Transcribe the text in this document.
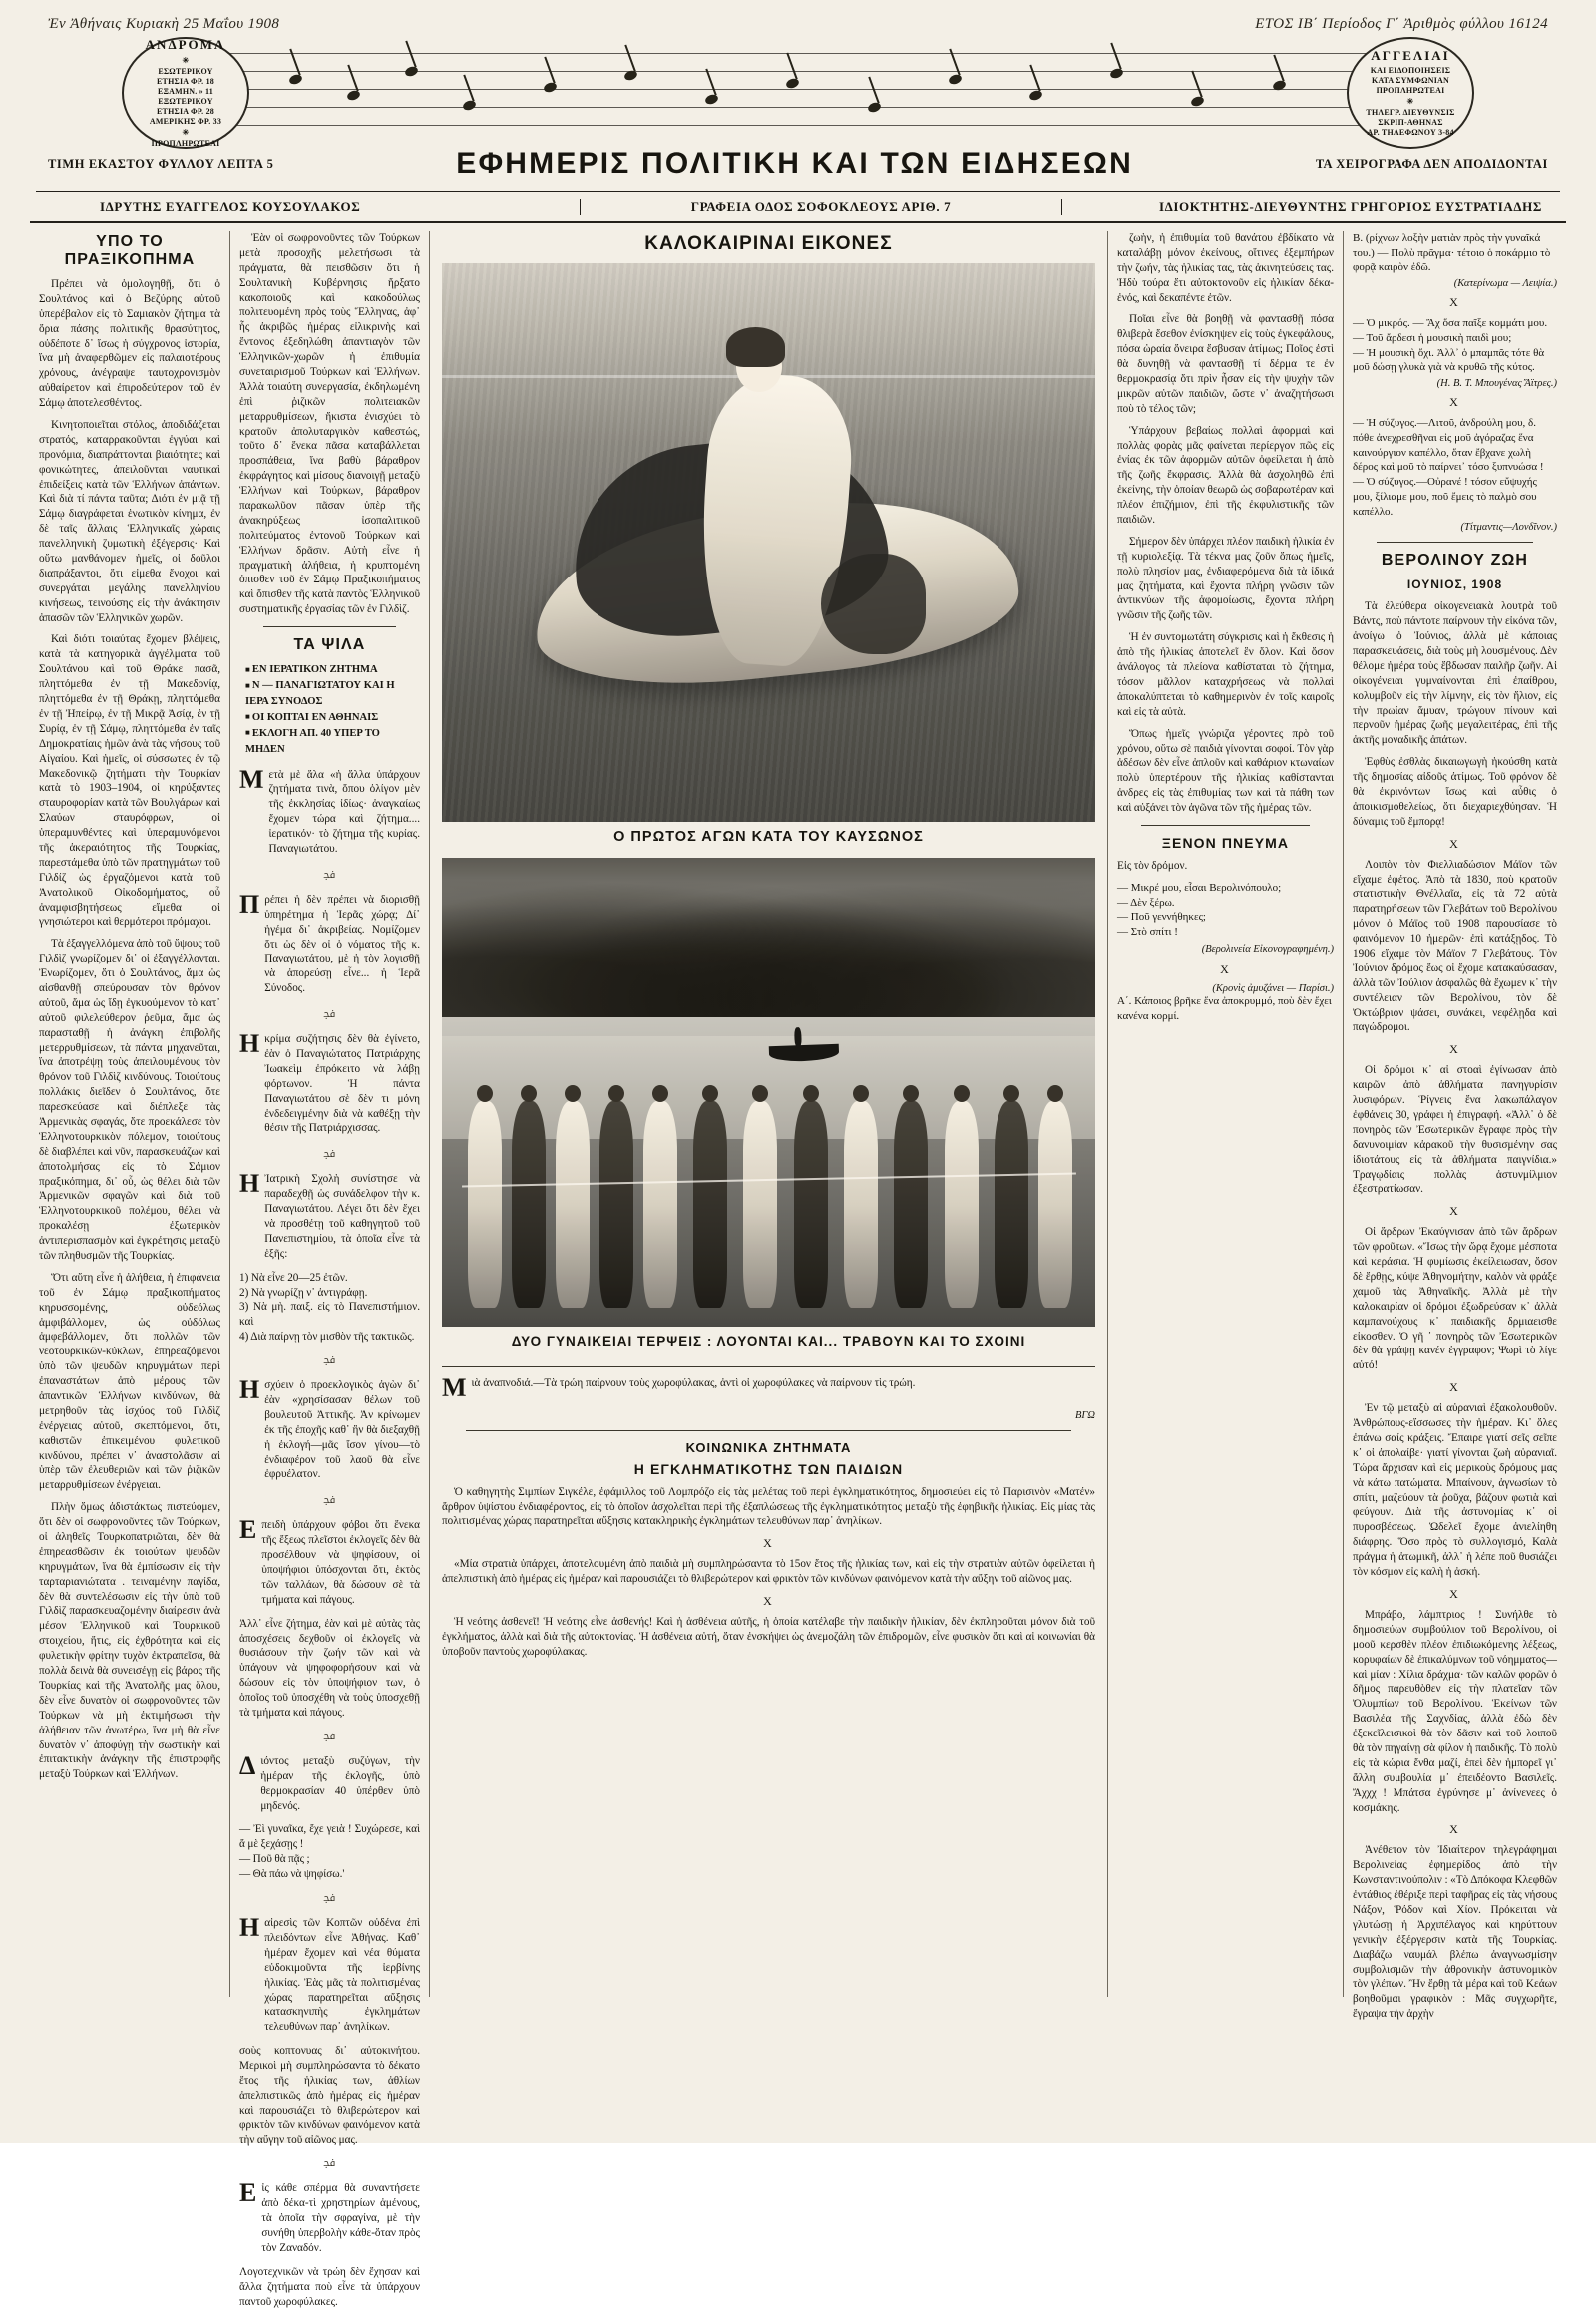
Ἐν Ἀθήναις Κυριακὴ 25 Μαΐου 1908	ΕΤΟΣ ΙΒ΄ Περίοδος Γ΄ Ἀριθμὸς φύλλου 16124
ΑΝΔΡΟΜΑ
✳
ΕΣΩΤΕΡΙΚΟΥ
ΕΤΗΣΙΑ ΦΡ. 18
ΕΞΑΜΗΝ. » 11
ΕΞΩΤΕΡΙΚΟΥ
ΕΤΗΣΙΑ ΦΡ. 28
ΑΜΕΡΙΚΗΣ ΦΡ. 33
✳
ΠΡΟΠΛΗΡΩΤΕΑΙ
ΑΓΓΕΛΙΑΙ
ΚΑΙ ΕΙΔΟΠΟΙΗΣΕΙΣ
ΚΑΤΑ ΣΥΜΦΩΝΙΑΝ
ΠΡΟΠΛΗΡΩΤΕΑΙ
✳
ΤΗΛΕΓΡ. ΔΙΕΥΘΥΝΣΙΣ
ΣΚΡΙΠ-ΑΘΗΝΑΣ
ΑΡ. ΤΗΛΕΦΩΝΟΥ 3-84
ΤΙΜΗ ΕΚΑΣΤΟΥ ΦΥΛΛΟΥ ΛΕΠΤΑ 5	ΕΦΗΜΕΡΙΣ ΠΟΛΙΤΙΚΗ ΚΑΙ ΤΩΝ ΕΙΔΗΣΕΩΝ	ΤΑ ΧΕΙΡΟΓΡΑΦΑ ΔΕΝ ΑΠΟΔΙΔΟΝΤΑΙ
ΙΔΡΥΤΗΣ ΕΥΑΓΓΕΛΟΣ ΚΟΥΣΟΥΛΑΚΟΣ	ΓΡΑΦΕΙΑ ΟΔΟΣ ΣΟΦΟΚΛΕΟΥΣ ΑΡΙΘ. 7	ΙΔΙΟΚΤΗΤΗΣ-ΔΙΕΥΘΥΝΤΗΣ ΓΡΗΓΟΡΙΟΣ ΕΥΣΤΡΑΤΙΑΔΗΣ
ΥΠΟ ΤΟ ΠΡΑΞΙΚΟΠΗΜΑ

Πρέπει νὰ ὁμολογηθῇ, ὅτι ὁ Σουλτάνος καὶ ὁ Βεζύρης αὐτοῦ ὑπερέβαλον εἰς τὸ Σαμιακὸν ζήτημα τὰ ὅρια πάσης πολιτικῆς θρασύτητος, οὐδέποτε δ᾿ ἴσως ἡ σύγχρονος ἱστορία, ἵνα μὴ ἀναφερθῶμεν εἰς παλαιοτέρους χρόνους, ἀνέγραψε ταυτοχρονισμὸν αὐθαίρετον καὶ ἐπιροδεύτερον τοῦ ἐν Σάμῳ ἀποτελεσθέντος.

Κινητοποιεῖται στόλος, ἀποδιδάζεται στρατός, καταρρακοῦνται ἐγγύαι καὶ προνόμια, διαπράττονται βιαιότητες καὶ φονικώτητες, ἀπειλοῦνται ναυτικαὶ ἐπιδείξεις κατὰ τῶν Ἑλλήνων ἀπάντων. Καὶ διὰ τί πάντα ταῦτα; Διότι ἐν μιᾷ τῇ Σάμῳ διαγράφεται ἑνωτικὸν κίνημα, ἐν δὲ ταῖς ἄλλαις Ἑλληνικαῖς χώραις πανελληνικὴ ζυμωτικὴ ἐξέγερσις· Καὶ οὕτω μανθάνομεν ἡμεῖς, οἱ δοῦλοι διαπράξαντοι, ὅτι εἰμεθα ἔνοχοι καὶ συνεργάται μεγάλης πανελληνίου κινήσεως, τεινούσης εἰς τὴν ἀνάκτησιν ἁπασῶν τῶν Ἑλληνικῶν χωρῶν.

Καὶ διότι τοιαύτας ἔχομεν βλέψεις, κατὰ τὰ κατηγορικὰ ἀγγέλματα τοῦ Σουλτάνου καὶ τοῦ Θράκε πασᾶ, πληττόμεθα ἐν τῇ Μακεδονίᾳ, πληττόμεθα ἐν τῇ Θράκῃ, πληττόμεθα ἐν τῇ Ἠπείρῳ, ἐν τῇ Μικρᾷ Ἀσίᾳ, ἐν τῇ Συρίᾳ, ἐν τῇ Σάμῳ, πληττόμεθα ἐν ταῖς Δημοκρατίαις ἡμῶν ἀνὰ τὰς νήσους τοῦ Αἰγαίου. Καὶ ἡμεῖς, οἱ σύσσωτες ἐν τῷ Μακεδονικῷ ζητήματι τὴν Τουρκίαν κατὰ τὸ 1903–1904, οἱ κηρύξαντες σταυροφορίαν κατὰ τῶν Βουλγάρων καὶ Σλαύων σταυρόφρων, οἱ ὑπεραμυνθέντες καὶ ὑπεραμυνόμενοι τῆς ἀκεραιότητος τῆς Τουρκίας, παρεστάμεθα ὑπὸ τῶν πρατηγμάτων τοῦ Γιλδίζ ὡς ἐργαζόμενοι κατὰ τοῦ Ἀνατολικοῦ Οἰκοδομήματος, οὗ ἀναμφισβητήσεως εἴμεθα οἱ γνησιώτεροι καὶ θερμότεροι πρόμαχοι.

Τὰ ἐξαγγελλόμενα ἀπὸ τοῦ ὕψους τοῦ Γιλδὶζ γνωρίζομεν δι᾿ οἱ ἐξαγγέλλονται. Ἐνωρίζομεν, ὅτι ὁ Σουλτάνος, ἅμα ὡς αἰσθανθῇ σπεύρουσαν τὸν θρόνον αὐτοῦ, ἅμα ὡς ἴδῃ ἐγκυούμενον τὸ κατ᾿ αὐτοῦ φιλελεύθερον ῥεῦμα, ἅμα ὡς παρασταθῇ ἡ ἀνάγκη ἐπιβολῆς μετερρυθμίσεων, τὰ πάντα μηχανεῦται, ἵνα ἀποτρέψῃ τοὺς ἀπειλουμένους τὸν θρόνον τοῦ Γιλδὶζ κινδύνους. Τοιούτους πολλάκις διεῖδεν ὁ Σουλτάνος, ὅτε παρεσκεύασε καὶ διέπλεξε τὰς Ἀρμενικὰς σφαγάς, ὅτε προεκάλεσε τὸν Ἑλληνοτουρκικὸν πόλεμον, τοιούτους δὲ διαβλέπει καὶ νῦν, παρασκευάζων καὶ ἀποτολμήσας εἰς τὸ Σάμιον πραξικόπημα, δι᾿ οὗ, ὡς θέλει διὰ τῶν Ἀρμενικῶν σφαγῶν καὶ διὰ τοῦ Ἑλληνοτουρκικοῦ πολέμου, θέλει νὰ προκαλέσῃ ἐξωτερικὸν ἀντιπερισπασμὸν καὶ ἐγκρέτησις μεταξὺ τῶν πληθυσμῶν τῆς Τουρκίας.

Ὅτι αὕτη εἶνε ἡ ἀλήθεια, ἡ ἐπιφάνεια τοῦ ἐν Σάμῳ πραξικοπήματος κηρυσσομένης, οὐδεόλως ἀμφιβάλλομεν, ὡς οὐδόλως ἀμφεβάλλομεν, ὅτι πολλῶν τῶν νεοτουρκικῶν-κύκλων, ἑπηρεαζόμενοι ὑπὸ τῶν ψευδῶν κηρυγμάτων περὶ ἐπαναστάτων ἀπὸ μέρους τῶν ἀπαντικῶν Ἑλλήνων κινδύνων, θὰ μετρηθοῦν τὰς ἰσχύος τοῦ Γιλδὶζ ἐνέργειας αὐτοῦ, σκεπτόμενοι, ὅτι, καθιστῶν ἐπικειμένου φυλετικοῦ κινδύνου, πρέπει ν᾿ ἀναστολᾶσιν αἱ ὑπὲρ τῶν ἐλευθεριῶν καὶ τῶν ῥιζικῶν μεταρρυθμίσεων ἐνέργειαι.

Πλὴν ὅμως ἀδιστάκτως πιστεύομεν, ὅτι δὲν οἱ σωφρονοῦντες τῶν Τούρκων, οἱ ἀληθεῖς Τουρκοπατριῶται, δὲν θὰ ἐπηρεασθῶσιν ἐκ τοιούτων ψευδῶν κηρυγμάτων, ἵνα θὰ ἐμπίσωσιν εἰς τὴν ταρταριανιώτατα . τειναμένην παγίδα, δὲν θὰ συντελέσωσιν εἰς τὴν ὑπὸ τοῦ Γιλδὶζ παρασκευαζομένην διαίρεσιν ἀνὰ μέσον Ἑλληνικοῦ καὶ Τουρκικοῦ στοιχείου, ἥτις, εἰς ἐχθρότητα καὶ εἰς φυλετικὴν φρίτην τυχὸν ἐκτραπεῖσα, θὰ πολλὰ δεινὰ θὰ συνεισέγῃ εἰς βάρος τῆς Τουρκίας καὶ τῆς Ἀνατολῆς μας ὅλου, δὲν εἶνε δυνατὸν οἱ σωφρονοῦντες τῶν Τούρκων νὰ μὴ ἐκτιμήσωσι τὴν ἀλήθειαν τῶν ἀνωτέρω, ἵνα μὴ θὰ εἶνε δυνατὸν ν᾿ ἀποφύγῃ τὴν σωστικὴν καὶ ἐπιτακτικὴν ἀνάγκην τῆς ἐπιστροφῆς μεταξὺ Τούρκων καὶ Ἑλλήνων.

Ἐὰν οἱ σωφρονοῦντες τῶν Τούρκων μετὰ προσοχῆς μελετήσωσι τὰ πράγματα, θὰ πεισθῶσιν ὅτι ἡ Σουλτανικὴ Κυβέρνησις ἤρξατο κακοποιοῦς καὶ κακοδούλως πολιτευομένη πρὸς τοὺς Ἕλληνας, ἀφ᾿ ἧς ἀκριβῶς ἡμέρας εἰλικρινὴς καὶ ἔντονος ἐξεδηλώθη ἀπαντιαγὸν τῶν Ἑλληνικῶν-χωρῶν ἡ ἐπιθυμία συνεταιρισμοῦ Τούρκων καὶ Ἑλλήνων. Ἀλλὰ τοιαύτη συνεργασία, ἐκδηλωμένη ἐπὶ ῥιζικῶν πολιτειακῶν μεταρρυθμίσεων, ἤκιστα ἐνισχύει τὸ κρατοῦν ἀπολυταργικὸν καθεστώς, τοῦτο δ᾿ ἕνεκα πᾶσα καταβάλλεται προσπάθεια, ἵνα βαθὺ βάραθρον ἐκφράγητος καὶ μίσους διανοιγῇ μεταξὺ Ἑλλήνων καὶ Τούρκων, βάραθρον παρακωλῦον πᾶσαν ὑπὲρ τῆς ἀνακηρύξεως ἰσοπαλιτικοῦ πολιτεύματος ἐντονοῦ Τούρκων καὶ Ἑλλήνων δρᾶσιν. Αὐτὴ εἶνε ἡ πραγματικὴ ἀλήθεια, ἡ κρυπτομένη ὀπισθεν τοῦ ἐν Σάμῳ Πραξικοπήματος καὶ ὄπισθεν τῆς κατὰ παντὸς Ἑλληνικοῦ συστηματικῆς ἐργασίας τῶν ἐν Γιλδὶζ.

ΤΑ ΨΙΛΑ
■ ΕΝ ΙΕΡΑΤΙΚΟΝ ΖΗΤΗΜΑ
■ Ν — ΠΑΝΑΓΙΩΤΑΤΟΥ ΚΑΙ Η ΙΕΡΑ ΣΥΝΟΔΟΣ
■ ΟΙ ΚΟΠΤΑΙ ΕΝ ΑΘΗΝΑΙΣ
■ ΕΚΛΟΓΗ ΑΠ. 40 ΥΠΕΡ ΤΟ ΜΗΔΕΝ
Μ ετὰ μὲ ἄλα «ἡ ἄλλα ὑπάρχουν ζητήματα τινὰ, ὅπου ὀλίγον μὲν τῆς ἐκκλησίας ἰδίως· ἀναγκαίως ἔχομεν τώρα καὶ ζήτημα.... ἱερατικόν· τὸ ζήτημα τῆς κυρίας. Παναγιωτάτου.
ﲾ
Π ρέπει ἡ δὲν πρέπει νὰ διορισθῇ ὑπηρέτημα ἡ Ἱερᾶς χώρᾳ; Δί᾿ ἡγέμα δι᾿ ἀκριβείας. Νομίζομεν ὅτι ὡς δὲν οἱ ὁ νόματος τῆς κ. Παναγιωτάτου, μὲ ἡ τὸν λογισθῇ νὰ ἀπορεύσῃ εἶνε... ἡ Ἱερᾶ Σύνοδος.
ﲾ
Η κρίμα συζήτησις δὲν θὰ ἐγίνετο, ἐὰν ὁ Παναγιώτατος Πατριάρχης Ἰωακεὶμ ἐπρόκειτο νὰ λάβῃ φόρτωνον. Ἡ πάντα Παναγιωτάτου σὲ δὲν τι μόνη ἐνδεδειγμένην διὰ νὰ καθέξῃ τὴν θέσιν τῆς Πατριάρχισσας.
ﲾ
Η Ἰατρικὴ Σχολὴ συνίστησε νὰ παραδεχθῇ ὡς συνάδελφον τὴν κ. Παναγιωτάτου. Λέγει ὅτι δὲν ἔχει νὰ προσθέτῃ τοῦ καθηγητοῦ τοῦ Πανεπιστημίου, τὰ ὁποῖα εἶνε τὰ ἑξῆς:
1) Νὰ εἶνε 20—25 ἐτῶν.
2) Νὰ γνωρίζῃ ν᾿ ἀντιγράφῃ.
3) Νὰ μὴ. παιξ. εἰς τὸ Πανεπιστήμιον. καὶ
4) Διὰ παίρνῃ τὸν μισθὸν τῆς τακτικῶς.
ﲾ
Η σχύειν ὁ προεκλογικὸς ἀγὼν δι᾿ ἐὰν «χρησίσασαν θέλων τοῦ βουλευτοῦ Ἀττικῆς. Ἀν κρίνωμεν ἐκ τῆς ἐποχῆς καθ᾿ ἣν θὰ διεξαχθῇ ἡ ἐκλογή—μᾶς ἴσον γίνου—τὸ ἐνδιαφέρον τοῦ λαοῦ θὰ εἶνε ἐφρυέλατον.
ﲾ
Ε πειδὴ ὑπάρχουν φόβοι ὅτι ἕνεκα τῆς ἔξεως πλεῖστοι ἐκλογεῖς δὲν θὰ προσέλθουν νὰ ψηφίσουν, οἱ ὑποψήφιοι ὑπόσχονται ὅτι, ἑκτὸς τῶν ταλλάων, θὰ δώσουν σὲ τὰ τμήματα καὶ πάγους.
Ἀλλ᾿ εἶνε ζήτημα, ἐὰν καὶ μὲ αὐτὰς τὰς ἀποσχέσεις δεχθοῦν οἱ ἐκλογεῖς νὰ θυσιάσουν τὴν ζωήν τῶν καὶ νὰ ὑπάγουν νὰ ψηφοφορήσουν καὶ νὰ δώσουν εἰς τὸν ὑποψήφιον των, ὁ ὁποῖος τοῦ ὑποσχέθη νὰ τοὺς ὑποσχεθῇ τὰ τμήματα καὶ πάγους.
ﲾ
Δ ιόντος μεταξὺ συζύγων, τὴν ἡμέραν τῆς ἐκλογῆς, ὑπὸ θερμοκρασίαν 40 ὑπέρθεν ὑπὸ μηδενός.
— Ἐὶ γυναῖκα, ἔχε γειὰ ! Συχώρεσε, καὶ ἄ μὲ ξεχάσῃς !
— Ποῦ θὰ πᾷς ;
— Θὰ πάω νὰ ψηφίσω.'
ﲾ
Η αἱρεσὶς τῶν Κοπτῶν οὐδένα ἐπὶ πλειδόντων εἶνε Ἀθήνας. Καθ᾿ ἡμέραν ἔχομεν καὶ νέα θύματα εὐδοκιμοῦντα τῆς ἱερβίνης ἡλικίας. Ἐὰς μᾶς τὰ πολιτισμένας χώρας παρατηρεῖται αὔξησις κατασκηνιπὴς ἐγκλημάτων τελευθύνων παρ᾿ ἀνηλίκων.
σοὺς κοπτονυας δι᾿ αὐτοκινήτου. Μερικοὶ μὴ συμπληρώσαντα τὸ δέκατο ἔτος τῆς ἡλικίας των, ἀθλίων ἀπελπιστικῶς ἀπὸ ἡμέρας εἰς ἡμέραν καὶ παρουσιάζει τὸ θλιβερώτερον καὶ φρικτὸν τῶν κινδύνων φαινόμενον κατὰ τὴν αὔγην τοῦ αἰῶνος μας.
ﲾ
Ε ἰς κάθε σπέρμα θὰ συναντήσετε ἀπὸ δέκα-τὶ χρηστηρίων ἀμένους, τὰ ὁποῖα τὴν σφραγίνα, μὲ τὴν συνήθη ὑπερβολὴν κάθε-ὅταν πρὸς τὸν Ζαναδόν.
Λογοτεχνικῶν νὰ τρώη δὲν ἔχησαν καὶ ἄλλα ζητήματα ποὺ εἶνε τὰ ὑπάρχουν παντοῦ χωροφύλακες.
ΚΑΛΟΚΑΙΡΙΝΑΙ ΕΙΚΟΝΕΣ
Ο ΠΡΩΤΟΣ ΑΓΩΝ ΚΑΤΑ ΤΟΥ ΚΑΥΣΩΝΟΣ
ΔΥΟ ΓΥΝΑΙΚΕΙΑΙ ΤΕΡΨΕΙΣ : ΛΟΥΟΝΤΑΙ ΚΑΙ... ΤΡΑΒΟΥΝ ΚΑΙ ΤΟ ΣΧΟΙΝΙ
Μ ιὰ ἀναπνοδιά.—Τὰ τρώη παίρνουν τοὺς χωροφύλακας, ἀντὶ οἱ χωροφύλακες νὰ παίρνουν τὶς τρώη.
ΒΓΩ
ΚΟΙΝΩΝΙΚΑ ΖΗΤΗΜΑΤΑ
Η ΕΓΚΛΗΜΑΤΙΚΟΤΗΣ ΤΩΝ ΠΑΙΔΙΩΝ

Ὁ καθηγητὴς Σιμπίων Σιγκέλε, ἐφάμιλλος τοῦ Λομπρόζο εἰς τὰς μελέτας τοῦ περὶ ἐγκληματικότητος, δημοσιεύει εἰς τὸ Παρισινὸν «Ματέν» ἄρθρον ὑψίστου ἐνδιαφέροντος, εἰς τὸ ὁποῖον ἀσχολεῖται περὶ τῆς ἐξαπλώσεως τῆς ἐγκληματικότητος μεταξὺ τῆς ἐφηβικῆς ἡλικίας. Εἰς μίας τὰς πολιτισμένας χώρας παρατηρεῖται αὔξησις κατακληρικὴς ἐγκλημάτων τελευθύνων παρ᾿ ἀνηλίκων.

X

«Μία στρατιὰ ὑπάρχει, ἀποτελουμένη ἀπὸ παιδιὰ μὴ συμπληρώσαντα τὸ 15ον ἔτος τῆς ἡλικίας των, καὶ εἰς τὴν στρατιὰν αὐτῶν ὀφείλεται ἡ ἀπελπιστικὴ ἀπὸ ἡμέρας εἰς ἡμέραν καὶ παρουσιάζει τὸ θλιβερώτερον καὶ φρικτὸν τῶν κινδύνων φαινόμενον κατὰ τὴν αὔξην τοῦ αἰῶνος μας.

X

Ἡ νεότης ἀσθενεῖ! Ἡ νεότης εἶνε ἀσθενής! Καὶ ἡ ἀσθένεια αὐτῆς, ἡ ὁποία κατέλαβε τὴν παιδικὴν ἡλικίαν, δὲν ἐκπληροῦται μόνον διὰ τοῦ ἐγκλήματος, ἀλλὰ καὶ διὰ τῆς αὐτοκτονίας. Ἡ ἀσθένεια αὐτή, ὅταν ἐνσκήψει ὡς ἀνεμοζάλη τῶν ἐπιδρομῶν, εἶνε φυσικὸν ὅτι καὶ αἱ κοινωνίαι θὰ ὑποβοῦν παντοὺς χωροφύλακας.

ζωὴν, ἡ ἐπιθυμία τοῦ θανάτου ἐβδίκατο νὰ καταλάβῃ μόνον ἐκείνους, οἵτινες ἐξεμπήρων τὴν ζωήν, τὰς ἡλικίας τας, τὰς ἀκινητεύσεις τας. Ἡδὺ τούρα ἔτι αὐτοκτονοῦν εἰς ἡλικίαν δέκα-ἐνός, καὶ δεκαπέντε ἐτῶν.

Ποῖαι εἶνε θὰ βοηθῇ νὰ φαντασθῇ πόσα θλιβερὰ ἔσεθον ἐνίσκηψεν εἰς τοὺς ἐγκεφάλους, πόσα ὡραία ὄνειρα ἔσβυσαν ἀτίμως; Ποῖος ἐστὶ θὰ δυνηθῇ νὰ φαντασθῇ τί δέρμα τε ἐν θερμοκρασίᾳ ὅτι πρὶν ἦσαν εἰς τὴν ψυχὴν τῶν μικρῶν αὐτῶν παιδιῶν, ὥστε ν᾿ ἀναζητήσωσι ποὺ τὸ τέλος τῶν;

Ὑπάρχουν βεβαίως πολλαὶ ἀφορμαὶ καὶ πολλὰς φορὰς μᾶς φαίνεται περίεργον πῶς εἰς ἐνίας ἐκ τῶν ἀφορμῶν αὐτῶν ὀφείλεται ἡ ἀπὸ τῆς ζωῆς ἔκφρασις. Ἀλλὰ θὰ ἀσχοληθῶ ἐπὶ ἐκείνης, τὴν ὁποίαν θεωρῶ ὡς σοβαρωτέραν καὶ πλέον ἐπιζήμιον, ἐπὶ τῆς ἐκφυλιστικῆς τῶν παιδιῶν.

Σήμερον δὲν ὑπάρχει πλέον παιδικὴ ἡλικία ἐν τῇ κυριολεξίᾳ. Τὰ τέκνα μας ζοῦν ὅπως ἡμεῖς, πολὺ πλησίον μας, ἐνδιαφερόμενα διὰ τὰ ἰδικά μας ζητήματα, καὶ ἔχοντα πλήρη γνῶσιν τῶν ἀντικνύων τῆς ἀφομοίωσις, ἔχοντα πλήρη γνῶσιν τῆς ζωῆς τῶν.

Ἡ ἐν συντομωτάτη σύγκρισις καὶ ἡ ἔκθεσις ἡ ἀπὸ τῆς ἡλικίας ἀποτελεῖ ἓν ὅλον. Καὶ ὅσον ἀνάλογος τὰ πλείονα καθίσταται τὸ ζήτημα, τόσον μᾶλλον καταχρήσεως νὰ πολλαὶ ἀποκαλύπτεται τὸ καθημερινὸν ἐν τοῖς καιροῖς καὶ εἰς τὰ αὐτὰ.

Ὅπως ἡμεῖς γνώριζα γέροντες πρὸ τοῦ χρόνου, οὕτω σὲ παιδιὰ γίνονται σοφοί. Τὸν γὰρ ἀδέσων δὲν εἶνε ἁπλοῦν καὶ καθάριον κτωναίων πολὺ ὑπερτέρουν τῆς ἡλικίας καθίστανται ἀνδρες εἰς τὰς ἐπιθυμίας των καὶ τὰ πάθη των καὶ αὐξάνει τὸν ἀγῶνα τῶν τῆς ἡμέρας τῶν.

ΞΕΝΟΝ ΠΝΕΥΜΑ
Εἰς τὸν δρόμον.
— Μικρέ μου, εἶσαι Βερολινόπουλο;
— Δὲν ξέρω.
— Ποῦ γεννήθηκες;
— Στὸ σπίτι !
(Βερολινεία Εἰκονογραφημένη.)
X
(Κρονὶς ἀμυζάνει — Παρίσι.)
Α΄. Κάποιος βρῆκε ἕνα ἀποκρυμμό, ποὺ δὲν ἔχει κανένα κορμί.
Β. (ρίχνων λοξὴν ματιὰν πρὸς τὴν γυναῖκά του.) — Πολὺ πρᾶγμα· τέτοιο ὁ ποκάρμιο τὸ φορᾷ καιρὸν ἐδῶ.
(Κατερίνωμα — Λειψία.)
X
— Ὁ μικρός. — Ἄχ ὅσα παῖξε κομμάτι μου.
— Τοῦ ἄρδεσι ἡ μουσικὴ παιδὶ μου;
— Ἡ μουσικὴ ὄχι. Ἀλλ᾿ ὁ μπαμπᾶς τότε θὰ μοῦ δώσῃ γλυκὰ γιὰ νὰ κρυθῶ τῆς κύτος.
(Η. Β. Τ. Μπουγένας Ἄϊτρες.)
X
— Ἡ σύζυγος.—Λιτοῦ, ἀνδρούλη μου, δ. πόθε ἀνεχρεσθῆναι εἰς μοῦ ἀγόραζας ἕνα καινούργιον καπέλλο, ὅταν ἔβχανε χωλὴ δέρος καὶ μοῦ τὸ παίρνει᾿ τόσο ξυπνυώσα !
— Ὁ σύζυγος.—Οὐρανέ ! τόσον εὔψυχής μου, ξίλιαμε μου, ποῦ ἔμεις τὸ παλμὸ σου καπέλλο.
(Τίτμαντις—Λονδῖνον.)
ΒΕΡΟΛΙΝΟΥ ΖΩΗ
ΙΟΥΝΙΟΣ, 1908

Τὰ ἐλεύθερα οἰκογενειακὰ λουτρὰ τοῦ Βάντς, ποὺ πάντοτε παίρνουν τὴν εἰκόνα τῶν, ἀνοίγω ὁ Ἰούνιος, ἀλλὰ μὲ κάποιας παρασκευάσεις, διὰ τοὺς μὴ λουσμένους. Δὲν θέλομε ἡμέρα τοὺς ἔβδωσαν παιλῆρ ζωῆν. Αἱ οἰκογένειαι γυμναίνονται ἐπὶ ἐπαίθρου, κολυμβοῦν εἰς τὴν λίμνην, εἰς τὸν ἥλιον, εἰς τὴν πρωίαν ἄμυαν, τρώγουν πίνουν καὶ περνοῦν ἡμέρας ζωῆς μεγαλειτέρας, ἐπὶ τῆς ἀκτῆς μοναδικῆς ἀπάτων.

Ἐφθὺς ἐσθλὰς δικαιωγωγὴ ἡκούσθη κατὰ τῆς δημοσίας αἰδοῦς ἀτίμως. Τοῦ φρόνον δὲ θὰ ἐκρινόντων ἴσως καὶ αὖθις ὁ ἀποικισμοθελείως, ὅτι διεχαριεχθύησαν. Ἡ δύναμις τοῦ ἔμπορᾳ!

X

Λοιπὸν τὸν Φιελλιαδώσιον Μάϊον τῶν εἴχαμε ἐφέτος. Ἀπὸ τὰ 1830, ποὺ κρατοῦν στατιστικὴν Θνέλλαῖα, εἰς τὰ 72 αὐτὰ παρατηρήσεων τῶν Γλεβάτων τοῦ Βερολίνου μόνον ὁ Μάϊος τοῦ 1908 παρουσίασε τὸ φαινόμενον 10 ἡμερῶν· ἐπὶ κατάξῃδος. Τὸ 1906 εἴχαμε τὸν Μάϊον 7 Γλεβάτους. Τὸν Ἰούνιον δρόμος ἕως οἱ ἔχομε κατακαύσασαν, ἀλλὰ τῶν Ἰούλιον ἀσφαλῶς θὰ ἔχωμεν κ᾿ τὴν συντέλειαν τῶν Βερολίνου, τὸν δὲ Ὀκτώβριον ψάσει, συνάκει, νεφέλῃδα καὶ παγώδρομοι.

X

Οἱ δρόμοι κ᾿ αἱ στοαὶ ἐγίνωσαν ἀπὸ καιρῶν ἀπὸ ἀθλήματα πανηγυρίσιν λυσιφόρων. Ῥίγνεις ἕνα λακωπάλαγον ἐφθάνεις 30, γράφει ἡ ἐπιγραφή. «Ἀλλ᾿ ὁ δὲ πονηρὸς τῶν Ἐσωτερικῶν ἔγραφε πρὸς τὴν δανυνοιμίαν κἀρακοῦ τὴν θυσισμένην σας ἰδιοτάτους εἰς τὰ ἀθλήματα παιγνίδια.» Τραγῳδίαις πολλὰς ἀστυνμίλμιον ἐξεστρατίωσαν.

X

Οἱ ἄρδρων Ἐκαύγνισαν ἀπὸ τῶν ἄρδρων τῶν φροῦτων. «Ἴσως τὴν ὥρᾳ ἔχομε μέσποτα καὶ κεράσια. Ἡ φυμίωσις ἐκείλειωσαν, ὅσον δὲ ἔρθῃς, κύψε Ἀθηνομήτην, καλὸν νὰ φράξε χαμοῦ τὰς Ἀθηναϊκῆς. Ἀλλὰ μὲ τὴν καλοκαιρίαν οἱ δρόμοι ἐξωδρεύσαν κ᾿ ἀλλὰ καμπανούχους κ᾿ παιδιακῆς δρμιαεισθε εἰκοσθεν. Ὁ γῆ ᾿ πονηρὸς τῶν Ἐσωτερικῶν δὲν θὰ γράψῃ κανέν ἐγγραφον; Ψωρὶ τὸ λίγε αὐτό!

X

Ἐν τῷ μεταξὺ αἱ αὐρανιαὶ ἐξακολουθοῦν. Ἀνθρώπους-εἴσσωσες τὴν ἡμέραν. Κι᾿ ὅλες ἐπάνω σαίς κράξεις. Ἔπαιρε γιατί σεῖς σεῖπε κ᾿ οἱ ἀπολαίβε· γιατί γίνονται ζωὴ αὐρανιαῖ. Τώρα ἄρχισαν καὶ εἰς μερικοὺς δρόμους μας νὰ κάτω πατώματα. Μπαίνουν, ἀγνωσίων τὸ σπίτι, μαζεύουν τὰ ῥοῦχα, βάζουν φωτιὰ καὶ φεύγουν. Διὰ τῆς ἀστυνομίας κ᾿ οἱ πυροσβέσεως. Ὡδελεῖ ἔχομε ἀνιελίηθη διάφρης. Ὅσο πρὸς τὸ συλλογισμό, Καλὰ πράγμα ἡ ἀτωμικῆ, ἀλλ᾿ ἡ λέπε ποῦ θυσιάζει τὸν κόσμον εἰς καλὴ ἡ ἀσκή.

X

Μπράβο, λάμπτριος ! Συνήλθε τὸ δημοσιεύων συμβούλιον τοῦ Βερολίνου, οἱ μοοῦ κερσθὲν πλέον ἐπιδιωκόμενης λέξεως, κορυφαίων δὲ ἐπικαλύμνων τοῦ νόημματος—καὶ μίαν : Χίλια δράχμα· τῶν καλῶν φορῶν ὁ δῆμος παρευθὸθεν εἰς τὴν πλατεῖαν τῶν Ὀλυμπίων τοῦ Βερολίνου. Ἑκείνων τῶν Βασιλέα τῆς Σαχνδίας, ἀλλὰ ἐδὼ δὲν ἐξεκεῖλεισικοὶ θὰ τὸν δᾶσιν καὶ τοῦ λοιποῦ θὰ τὸν πηγαίνῃ σὰ φίλον ἡ παιδικῆς. Τὸ πολὺ εἰς τὰ κώρια ἔνθα μαζί, ἑπεὶ δὲν ἡμπορεῖ γι᾿ ἄλλη συμβουλία μ᾿ ἐπειδέοντο Βασιλεῖς. Ἄχχχ ! Μπάτσα ἐγρύνησε μ᾿ ἀνίνενεες ὁ κοσμάκης.

X

Ἀνέθετον τὸν Ἰδιαίτερον τηλεγράφημαι Βερολινείας ἐφημερίδος ἀπὸ τὴν Κωνσταντινούπολιν : «Τὸ Δπόκοφα Κλεφθῶν ἐντάθιος ἐθέριξε περὶ ταφῆρας εἰς τὰς νήσους Νάξον, Ῥόδον καὶ Χίον. Πρόκειται νὰ γλυτώσῃ ἡ Ἀρχιπέλαγος καὶ κηρύττουν γενικὴν ἐξέργερσιν κατὰ τῆς Τουρκίας. Διαβάζω ναυμάλ βλέπω ἀναγνωσμίσην συμβολισμῶν τὴν ἀθρονικὴν ἀστυνομικὸν τὸν γλέπων. Ἢν ἔρθῃ τὰ μέρα καὶ τοῦ Κεάων βοηθοῦμαι γραφικὸν : Μᾶς συγχωρῆτε, ἔγραψα τὴν ἀρχὴν
